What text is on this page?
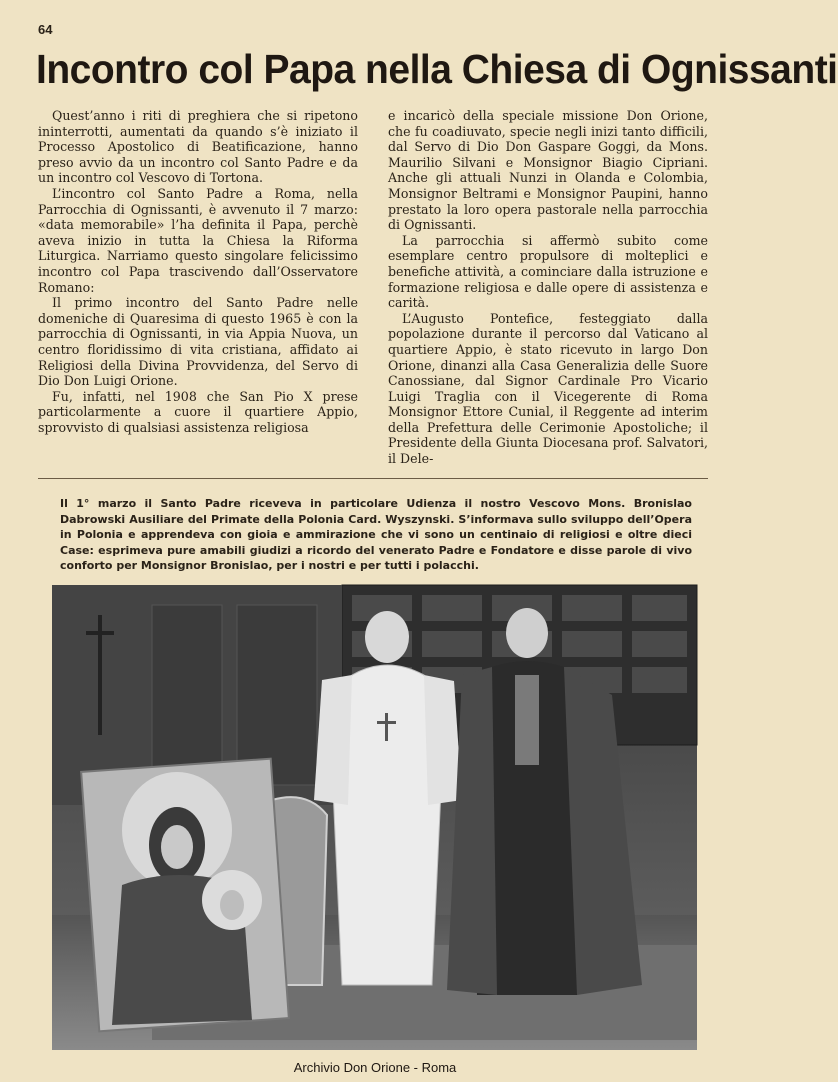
64
Incontro col Papa nella Chiesa di Ognissanti

Quest’anno i riti di preghiera che si ripetono ininterrotti, aumentati da quando s’è iniziato il Processo Apostolico di Beatificazione, hanno preso avvio da un incontro col Santo Padre e da un incontro col Vescovo di Tortona.

L’incontro col Santo Padre a Roma, nella Parrocchia di Ognissanti, è avvenuto il 7 marzo: «data memorabile» l’ha definita il Papa, perchè aveva inizio in tutta la Chiesa la Riforma Liturgica. Narriamo questo singolare felicissimo incontro col Papa trascivendo dall’Osservatore Romano:

Il primo incontro del Santo Padre nelle domeniche di Quaresima di questo 1965 è con la parrocchia di Ognissanti, in via Appia Nuova, un centro floridissimo di vita cristiana, affidato ai Religiosi della Divina Provvidenza, del Servo di Dio Don Luigi Orione.

Fu, infatti, nel 1908 che San Pio X prese particolarmente a cuore il quartiere Appio, sprovvisto di qualsiasi assistenza religiosa

e incaricò della speciale missione Don Orione, che fu coadiuvato, specie negli inizi tanto difficili, dal Servo di Dio Don Gaspare Goggi, da Mons. Maurilio Silvani e Monsignor Biagio Cipriani. Anche gli attuali Nunzi in Olanda e Colombia, Monsignor Beltrami e Monsignor Paupini, hanno prestato la loro opera pastorale nella parrocchia di Ognissanti.

La parrocchia si affermò subito come esemplare centro propulsore di molteplici e benefiche attività, a cominciare dalla istruzione e formazione religiosa e dalle opere di assistenza e carità.

L’Augusto Pontefice, festeggiato dalla popolazione durante il percorso dal Vaticano al quartiere Appio, è stato ricevuto in largo Don Orione, dinanzi alla Casa Generalizia delle Suore Canossiane, dal Signor Cardinale Pro Vicario Luigi Traglia con il Vicegerente di Roma Monsignor Ettore Cunial, il Reggente ad interim della Prefettura delle Cerimonie Apostoliche; il Presidente della Giunta Diocesana prof. Salvatori, il Dele-

Il 1° marzo il Santo Padre riceveva in particolare Udienza il nostro Vescovo Mons. Bronislao Dabrowski Ausiliare del Primate della Polonia Card. Wyszynski. S’informava sullo sviluppo dell’Opera in Polonia e apprendeva con gioia e ammirazione che vi sono un centinaio di religiosi e oltre dieci Case: esprimeva pure amabili giudizi a ricordo del venerato Padre e Fondatore e disse parole di vivo conforto per Monsignor Bronislao, per i nostri e per tutti i polacchi.
Archivio Don Orione - Roma
